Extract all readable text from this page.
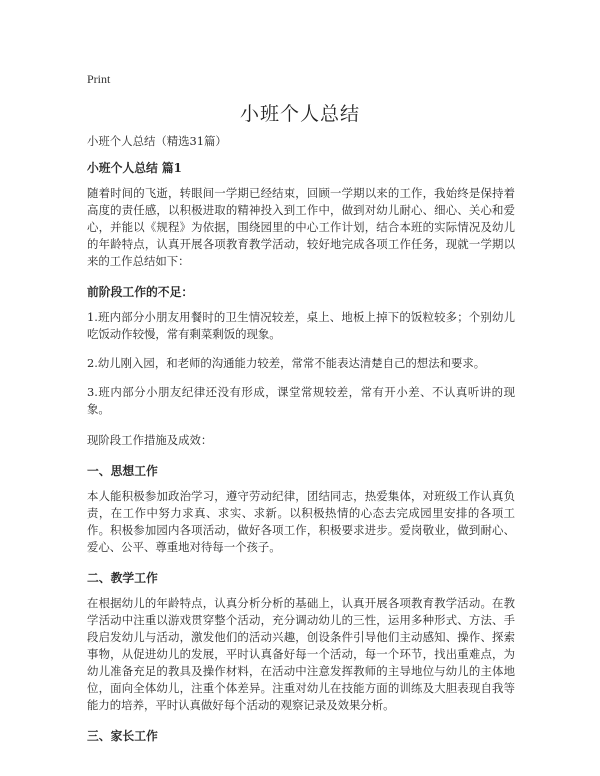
Print
小班个人总结

小班个人总结（精选31篇）

小班个人总结 篇1

随着时间的飞逝，转眼间一学期已经结束，回顾一学期以来的工作，我始终是保持着高度的责任感，以积极进取的精神投入到工作中，做到对幼儿耐心、细心、关心和爱心，并能以《规程》为依据，围绕园里的中心工作计划，结合本班的实际情况及幼儿的年龄特点，认真开展各项教育教学活动，较好地完成各项工作任务，现就一学期以来的工作总结如下：

前阶段工作的不足：

1.班内部分小朋友用餐时的卫生情况较差，桌上、地板上掉下的饭粒较多；个别幼儿吃饭动作较慢，常有剩菜剩饭的现象。

2.幼儿刚入园，和老师的沟通能力较差，常常不能表达清楚自己的想法和要求。

3.班内部分小朋友纪律还没有形成，课堂常规较差，常有开小差、不认真听讲的现象。

现阶段工作措施及成效：

一、思想工作

本人能积极参加政治学习，遵守劳动纪律，团结同志，热爱集体，对班级工作认真负责，在工作中努力求真、求实、求新。以积极热情的心态去完成园里安排的各项工作。积极参加园内各项活动，做好各项工作，积极要求进步。爱岗敬业，做到耐心、爱心、公平、尊重地对待每一个孩子。

二、教学工作

在根据幼儿的年龄特点，认真分析分析的基础上，认真开展各项教育教学活动。在教学活动中注重以游戏贯穿整个活动，充分调动幼儿的三性，运用多种形式、方法、手段启发幼儿与活动，激发他们的活动兴趣，创设条件引导他们主动感知、操作、探索事物，从促进幼儿的发展，平时认真备好每一个活动，每一个环节，找出重难点，为幼儿准备充足的教具及操作材料，在活动中注意发挥教师的主导地位与幼儿的主体地位，面向全体幼儿，注重个体差异。注重对幼儿在技能方面的训练及大胆表现自我等能力的培养，平时认真做好每个活动的观察记录及效果分析。

三、家长工作
